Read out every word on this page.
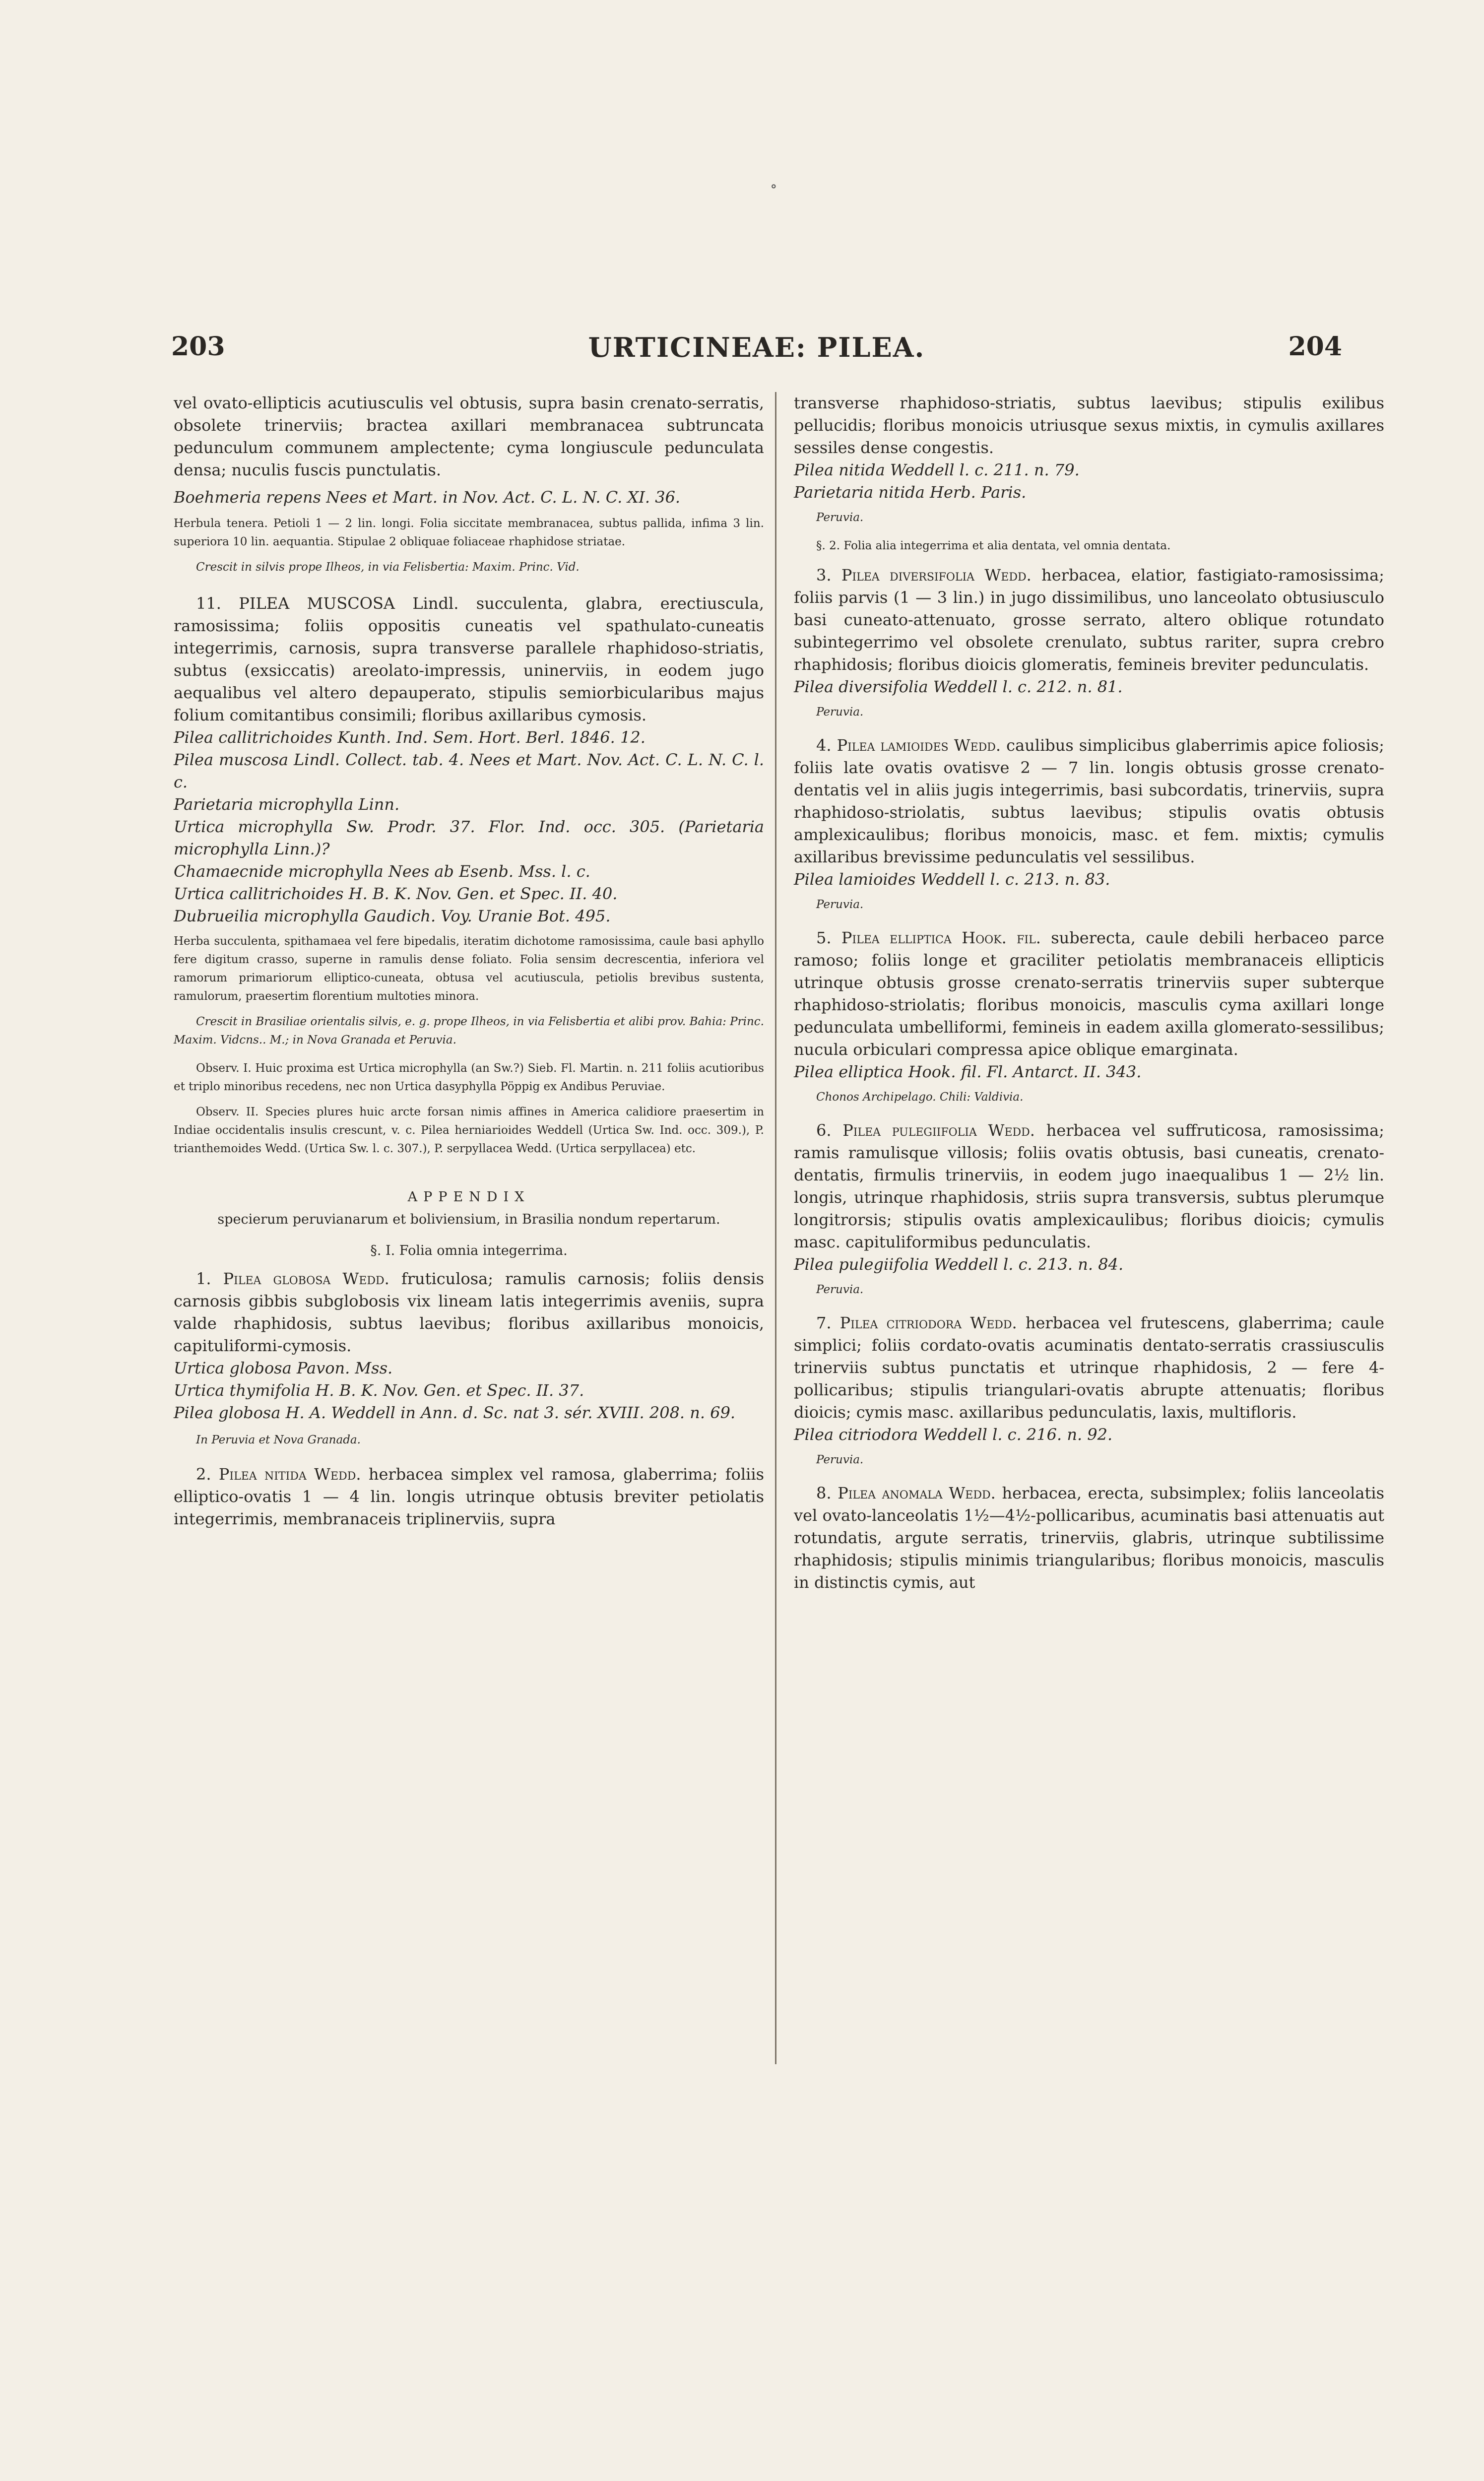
∘
203	URTICINEAE: PILEA.	204

vel ovato-ellipticis acutiusculis vel obtusis, supra basin crenato-serratis, obsolete trinerviis; bractea axillari membranacea subtruncata pedunculum communem amplectente; cyma longiuscule pedunculata densa; nuculis fuscis punctulatis.

Boehmeria repens Nees et Mart. in Nov. Act. C. L. N. C. XI. 36.

Herbula tenera. Petioli 1 — 2 lin. longi. Folia siccitate membranacea, subtus pallida, infima 3 lin. superiora 10 lin. aequantia. Stipulae 2 obliquae foliaceae rhaphidose striatae.

Crescit in silvis prope Ilheos, in via Felisbertia: Maxim. Princ. Vid.

11. PILEA MUSCOSA Lindl. succulenta, glabra, erectiuscula, ramosissima; foliis oppositis cuneatis vel spathulato-cuneatis integerrimis, carnosis, supra transverse parallele rhaphidoso-striatis, subtus (exsiccatis) areolato-impressis, uninerviis, in eodem jugo aequalibus vel altero depauperato, stipulis semiorbicularibus majus folium comitantibus consimili; floribus axillaribus cymosis.

Pilea callitrichoides Kunth. Ind. Sem. Hort. Berl. 1846. 12.

Pilea muscosa Lindl. Collect. tab. 4. Nees et Mart. Nov. Act. C. L. N. C. l. c.

Parietaria microphylla Linn.

Urtica microphylla Sw. Prodr. 37. Flor. Ind. occ. 305. (Parietaria microphylla Linn.)?

Chamaecnide microphylla Nees ab Esenb. Mss. l. c.

Urtica callitrichoides H. B. K. Nov. Gen. et Spec. II. 40.

Dubrueilia microphylla Gaudich. Voy. Uranie Bot. 495.

Herba succulenta, spithamaea vel fere bipedalis, iteratim dichotome ramosissima, caule basi aphyllo fere digitum crasso, superne in ramulis dense foliato. Folia sensim decrescentia, inferiora vel ramorum primariorum elliptico-cuneata, obtusa vel acutiuscula, petiolis brevibus sustenta, ramulorum, praesertim florentium multoties minora.

Crescit in Brasiliae orientalis silvis, e. g. prope Ilheos, in via Felisbertia et alibi prov. Bahia: Princ. Maxim. Vidcns.. M.; in Nova Granada et Peruvia.

Observ. I. Huic proxima est Urtica microphylla (an Sw.?) Sieb. Fl. Martin. n. 211 foliis acutioribus et triplo minoribus recedens, nec non Urtica dasyphylla Pöppig ex Andibus Peruviae.

Observ. II. Species plures huic arcte forsan nimis affines in America calidiore praesertim in Indiae occidentalis insulis crescunt, v. c. Pilea herniarioides Weddell (Urtica Sw. Ind. occ. 309.), P. trianthemoides Wedd. (Urtica Sw. l. c. 307.), P. serpyllacea Wedd. (Urtica serpyllacea) etc.

APPENDIX

specierum peruvianarum et boliviensium, in Brasilia nondum repertarum.

§. I. Folia omnia integerrima.

1. Pilea globosa Wedd. fruticulosa; ramulis carnosis; foliis densis carnosis gibbis subglobosis vix lineam latis integerrimis aveniis, supra valde rhaphidosis, subtus laevibus; floribus axillaribus monoicis, capituliformi-cymosis.

Urtica globosa Pavon. Mss.

Urtica thymifolia H. B. K. Nov. Gen. et Spec. II. 37.

Pilea globosa H. A. Weddell in Ann. d. Sc. nat 3. sér. XVIII. 208. n. 69.

In Peruvia et Nova Granada.

2. Pilea nitida Wedd. herbacea simplex vel ramosa, glaberrima; foliis elliptico-ovatis 1 — 4 lin. longis utrinque obtusis breviter petiolatis integerrimis, membranaceis triplinerviis, supra

transverse rhaphidoso-striatis, subtus laevibus; stipulis exilibus pellucidis; floribus monoicis utriusque sexus mixtis, in cymulis axillares sessiles dense congestis.

Pilea nitida Weddell l. c. 211. n. 79.

Parietaria nitida Herb. Paris.

Peruvia.

§. 2. Folia alia integerrima et alia dentata, vel omnia dentata.

3. Pilea diversifolia Wedd. herbacea, elatior, fastigiato-ramosissima; foliis parvis (1 — 3 lin.) in jugo dissimilibus, uno lanceolato obtusiusculo basi cuneato-attenuato, grosse serrato, altero oblique rotundato subintegerrimo vel obsolete crenulato, subtus rariter, supra crebro rhaphidosis; floribus dioicis glomeratis, femineis breviter pedunculatis.

Pilea diversifolia Weddell l. c. 212. n. 81.

Peruvia.

4. Pilea lamioides Wedd. caulibus simplicibus glaberrimis apice foliosis; foliis late ovatis ovatisve 2 — 7 lin. longis obtusis grosse crenato-dentatis vel in aliis jugis integerrimis, basi subcordatis, trinerviis, supra rhaphidoso-striolatis, subtus laevibus; stipulis ovatis obtusis amplexicaulibus; floribus monoicis, masc. et fem. mixtis; cymulis axillaribus brevissime pedunculatis vel sessilibus.

Pilea lamioides Weddell l. c. 213. n. 83.

Peruvia.

5. Pilea elliptica Hook. fil. suberecta, caule debili herbaceo parce ramoso; foliis longe et graciliter petiolatis membranaceis ellipticis utrinque obtusis grosse crenato-serratis trinerviis super subterque rhaphidoso-striolatis; floribus monoicis, masculis cyma axillari longe pedunculata umbelliformi, femineis in eadem axilla glomerato-sessilibus; nucula orbiculari compressa apice oblique emarginata.

Pilea elliptica Hook. fil. Fl. Antarct. II. 343.

Chonos Archipelago. Chili: Valdivia.

6. Pilea pulegiifolia Wedd. herbacea vel suffruticosa, ramosissima; ramis ramulisque villosis; foliis ovatis obtusis, basi cuneatis, crenato-dentatis, firmulis trinerviis, in eodem jugo inaequalibus 1 — 2½ lin. longis, utrinque rhaphidosis, striis supra transversis, subtus plerumque longitrorsis; stipulis ovatis amplexicaulibus; floribus dioicis; cymulis masc. capituliformibus pedunculatis.

Pilea pulegiifolia Weddell l. c. 213. n. 84.

Peruvia.

7. Pilea citriodora Wedd. herbacea vel frutescens, glaberrima; caule simplici; foliis cordato-ovatis acuminatis dentato-serratis crassiusculis trinerviis subtus punctatis et utrinque rhaphidosis, 2 — fere 4-pollicaribus; stipulis triangulari-ovatis abrupte attenuatis; floribus dioicis; cymis masc. axillaribus pedunculatis, laxis, multifloris.

Pilea citriodora Weddell l. c. 216. n. 92.

Peruvia.

8. Pilea anomala Wedd. herbacea, erecta, subsimplex; foliis lanceolatis vel ovato-lanceolatis 1½—4½-pollicaribus, acuminatis basi attenuatis aut rotundatis, argute serratis, trinerviis, glabris, utrinque subtilissime rhaphidosis; stipulis minimis triangularibus; floribus monoicis, masculis in distinctis cymis, aut
